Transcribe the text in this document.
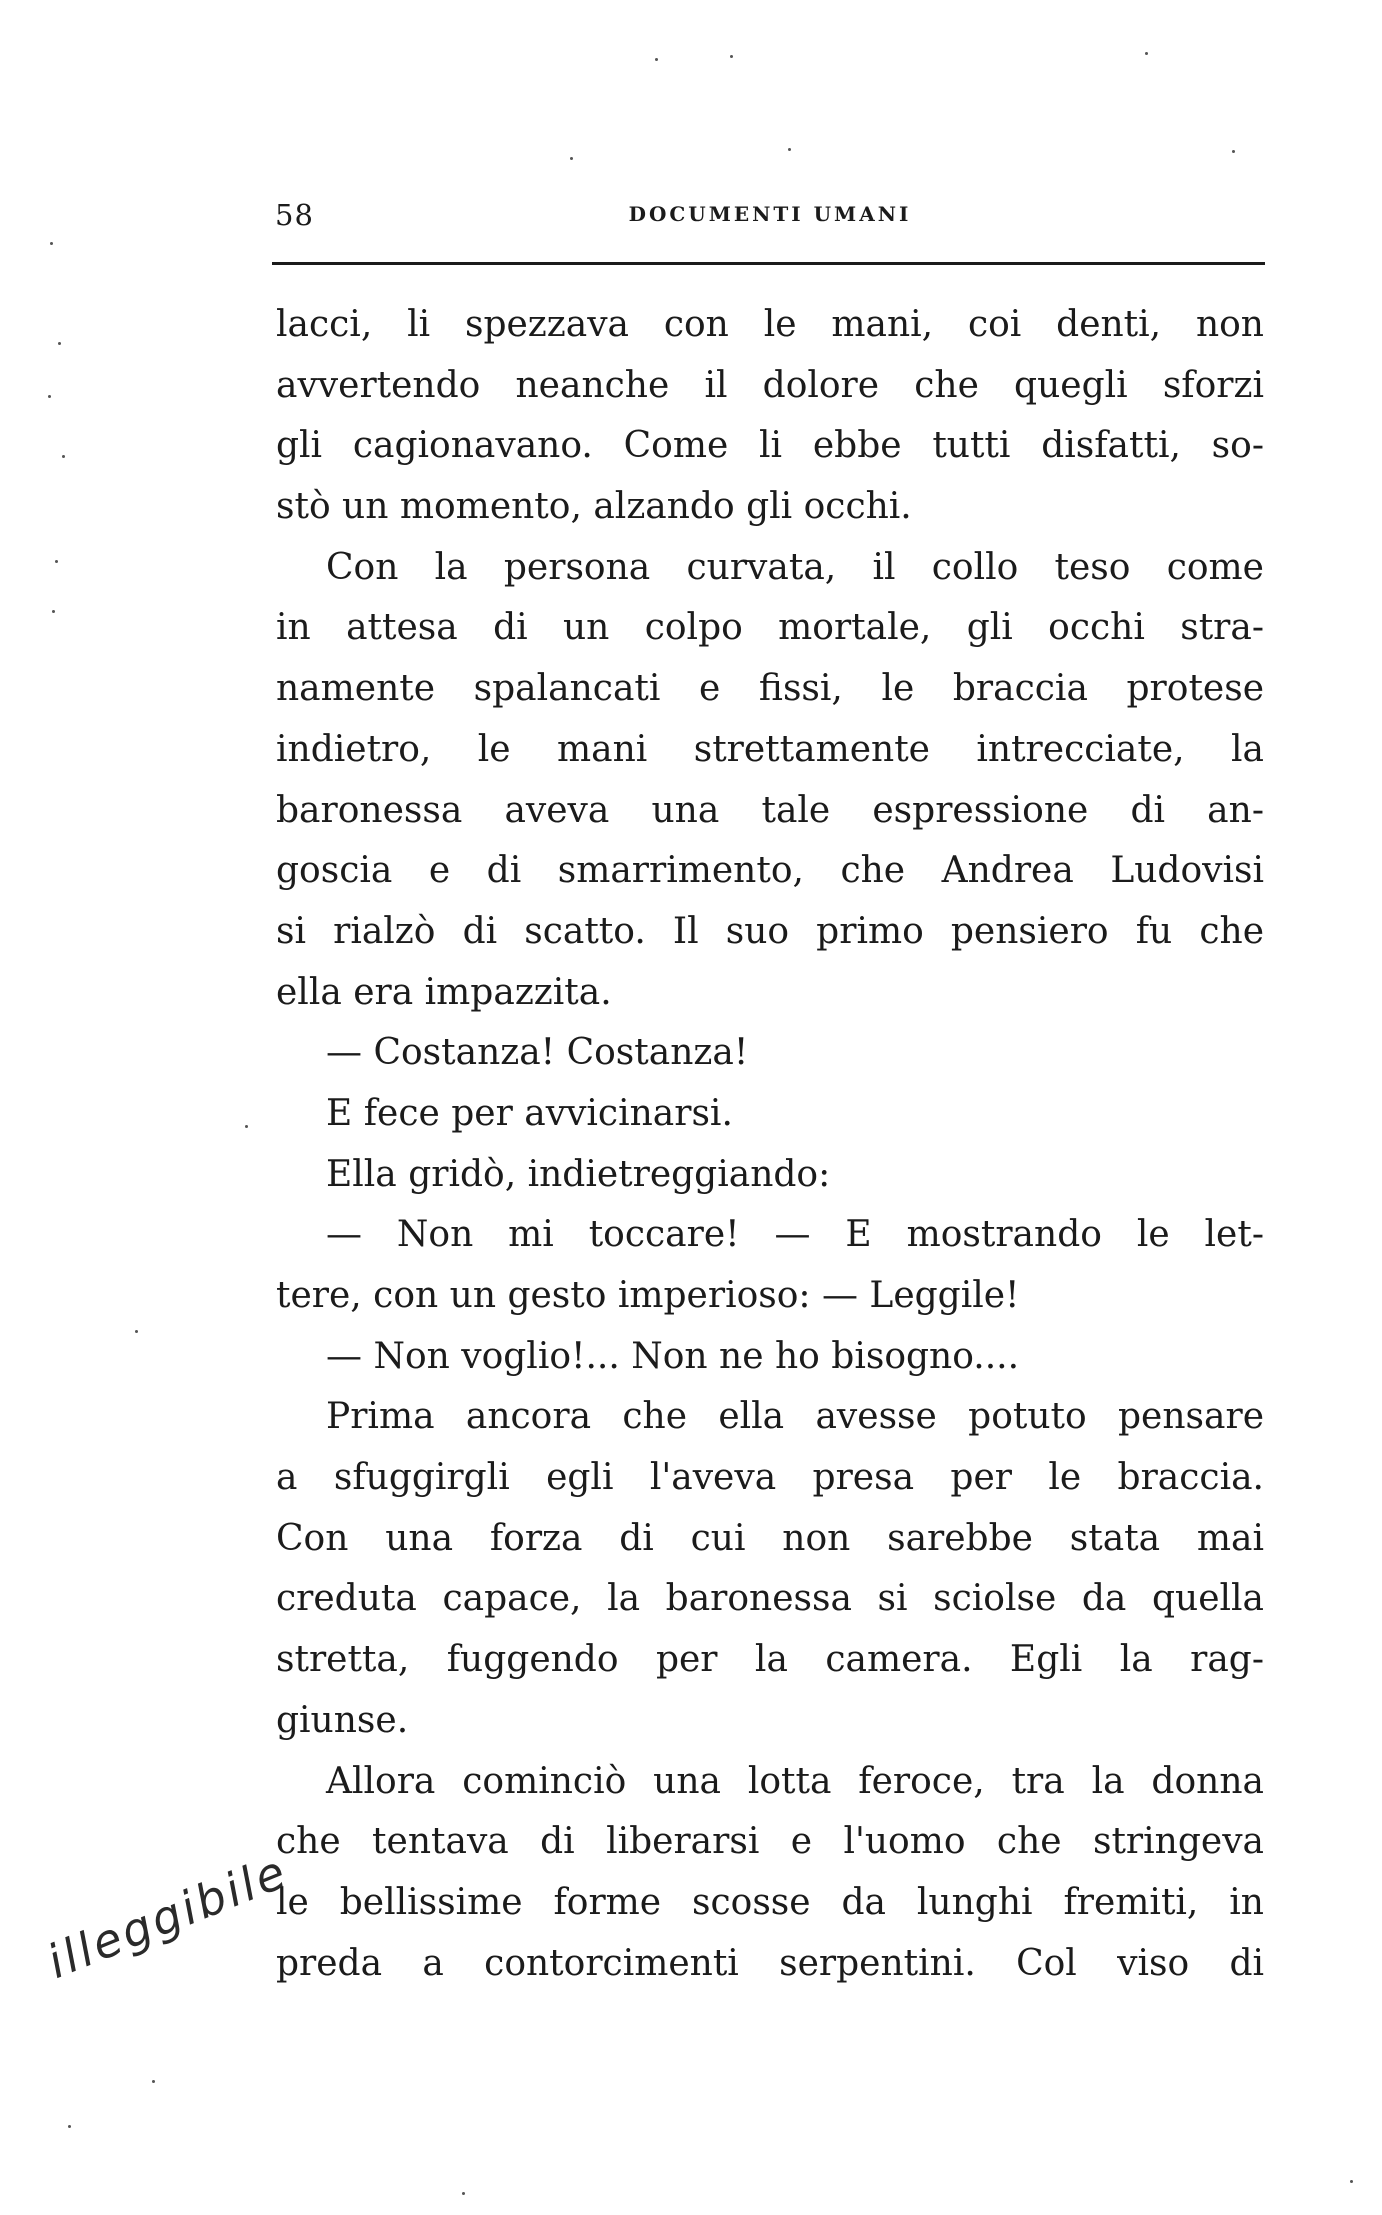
58	DOCUMENTI UMANI
lacci, li spezzava con le mani, coi denti, non
avvertendo neanche il dolore che quegli sforzi
gli cagionavano. Come li ebbe tutti disfatti, so-
stò un momento, alzando gli occhi.
Con la persona curvata, il collo teso come
in attesa di un colpo mortale, gli occhi stra-
namente spalancati e fissi, le braccia protese
indietro, le mani strettamente intrecciate, la
baronessa aveva una tale espressione di an-
goscia e di smarrimento, che Andrea Ludovisi
si rialzò di scatto. Il suo primo pensiero fu che
ella era impazzita.
— Costanza! Costanza!
E fece per avvicinarsi.
Ella gridò, indietreggiando:
— Non mi toccare! — E mostrando le let-
tere, con un gesto imperioso: — Leggile!
— Non voglio!... Non ne ho bisogno....
Prima ancora che ella avesse potuto pensare
a sfuggirgli egli l'aveva presa per le braccia.
Con una forza di cui non sarebbe stata mai
creduta capace, la baronessa si sciolse da quella
stretta, fuggendo per la camera. Egli la rag-
giunse.
Allora cominciò una lotta feroce, tra la donna
che tentava di liberarsi e l'uomo che stringeva
le bellissime forme scosse da lunghi fremiti, in
preda a contorcimenti serpentini. Col viso di
illeggibile
